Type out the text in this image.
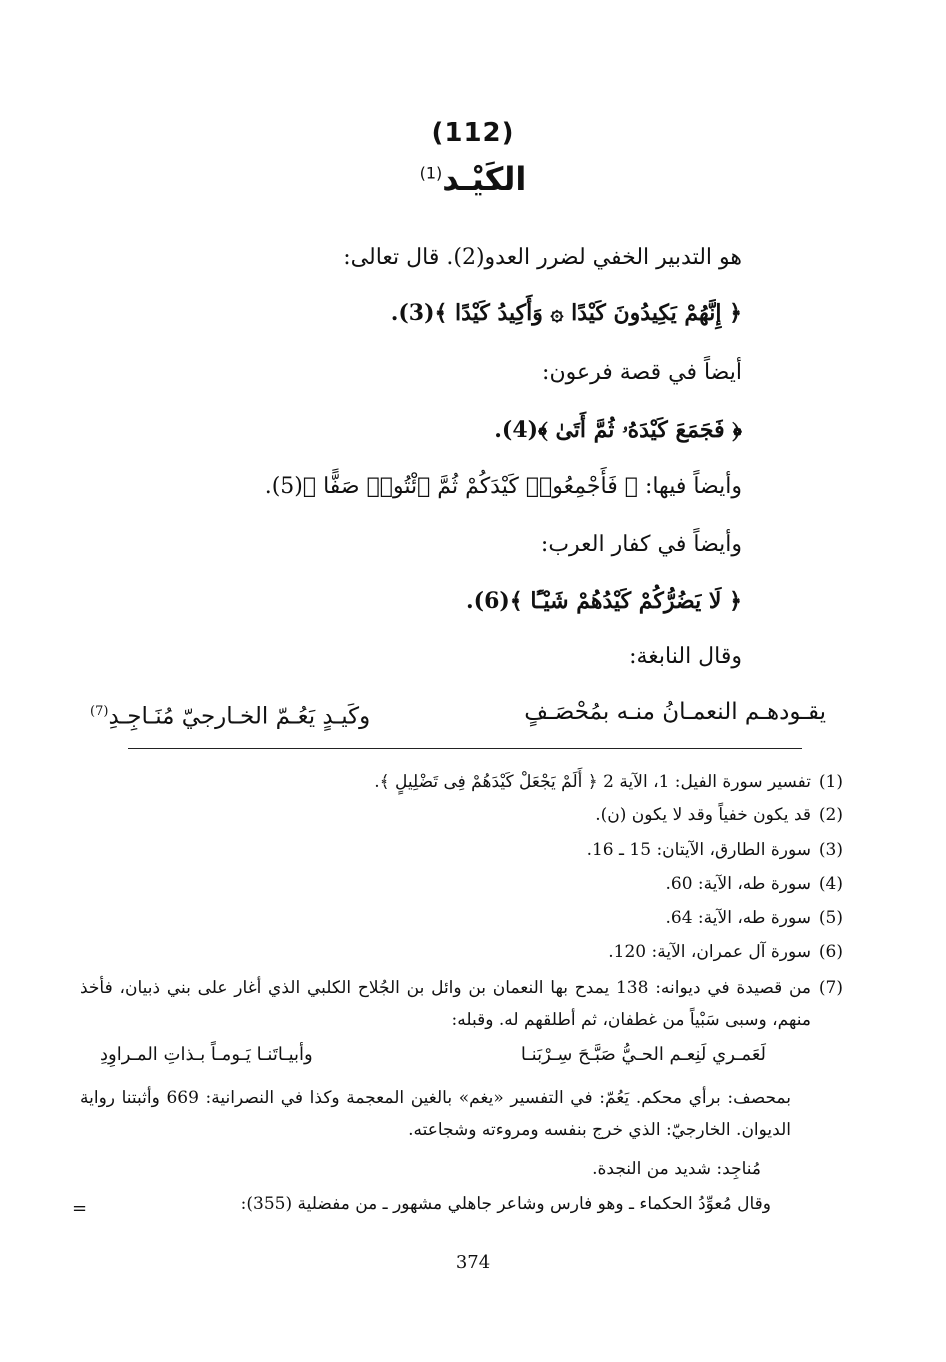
(112)
الكَيْـد$^{(1)}$
هو التدبير الخفي لضرر العدو(2). قال تعالى:
﴿ إِنَّهُمْ يَكِيدُونَ كَيْدًا ۞ وَأَكِيدُ كَيْدًا ﴾(3).
أيضاً في قصة فرعون:
﴿ فَجَمَعَ كَيْدَهُۥ ثُمَّ أَتَىٰ ﴾(4).
وأيضاً فيها: ﴿ فَأَجْمِعُوا۟ كَيْدَكُمْ ثُمَّ ٱئْتُوا۟ صَفًّا ﴾(5).
وأيضاً في كفار العرب:
﴿ لَا يَضُرُّكُمْ كَيْدُهُمْ شَيْـًٔا ﴾(6).
وقال النابغة:
يقـودهـم النعمـانُ منـه بمُحْصَـفٍ
وكَيـدٍ يَعُـمّ الخـارجيّ مُنَـاجِـدِ$^{(7)}$
(1)
تفسير سورة الفيل: 1، الآية 2 ﴿ أَلَمْ يَجْعَلْ كَيْدَهُمْ فِى تَضْلِيلٍ ﴾.
(2)
قد يكون خفياً وقد لا يكون (ن).
(3)
سورة الطارق، الآيتان: 15 ـ 16.
(4)
سورة طه، الآية: 60.
(5)
سورة طه، الآية: 64.
(6)
سورة آل عمران، الآية: 120.
(7)
من قصيدة في ديوانه: 138 يمدح بها النعمان بن وائل بن الجُلاح الكلبي الذي أغار على بني ذبيان، فأخذ منهم، وسبى سَبْياً من غطفان، ثم أطلقهم له. وقبله:
لَعَمـري لَنِعـم الحـيُّ صَبَّـحَ سِـرْبَنـا
وأبيـاتَنـا يَـومـاً بـذاتِ المـراوِدِ
بمحصف: برأي محكم. يَعُمّ: في التفسير «يغم» بالغين المعجمة وكذا في النصرانية: 669 وأثبتنا رواية الديوان. الخارجيّ: الذي خرج بنفسه ومروءته وشجاعته.
مُناجِد: شديد من النجدة.
وقال مُعوِّدُ الحكماء ـ وهو فارس وشاعر جاهلي مشهور ـ من مفضلية (355):
=
374
